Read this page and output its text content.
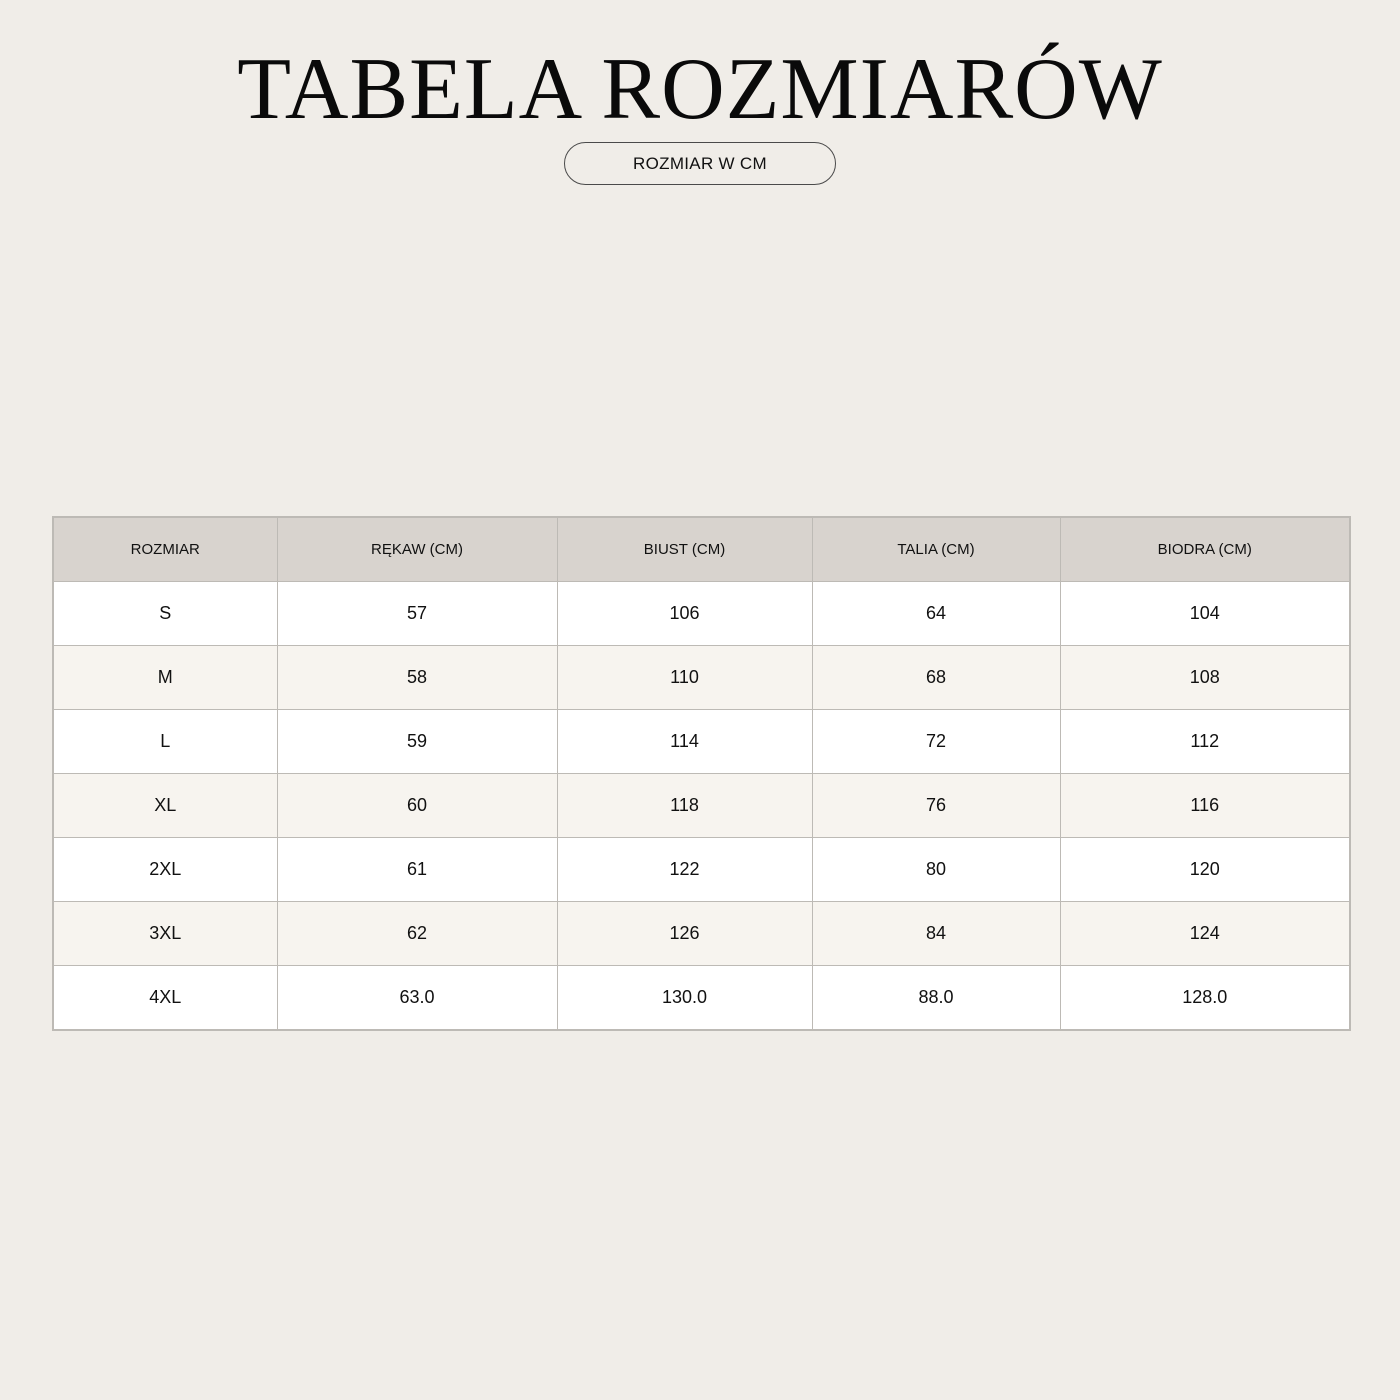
TABELA ROZMIARÓW
ROZMIAR W CM
ROZMIAR	RĘKAW (CM)	BIUST (CM)	TALIA (CM)	BIODRA (CM)
S	57	106	64	104
M	58	110	68	108
L	59	114	72	112
XL	60	118	76	116
2XL	61	122	80	120
3XL	62	126	84	124
4XL	63.0	130.0	88.0	128.0
